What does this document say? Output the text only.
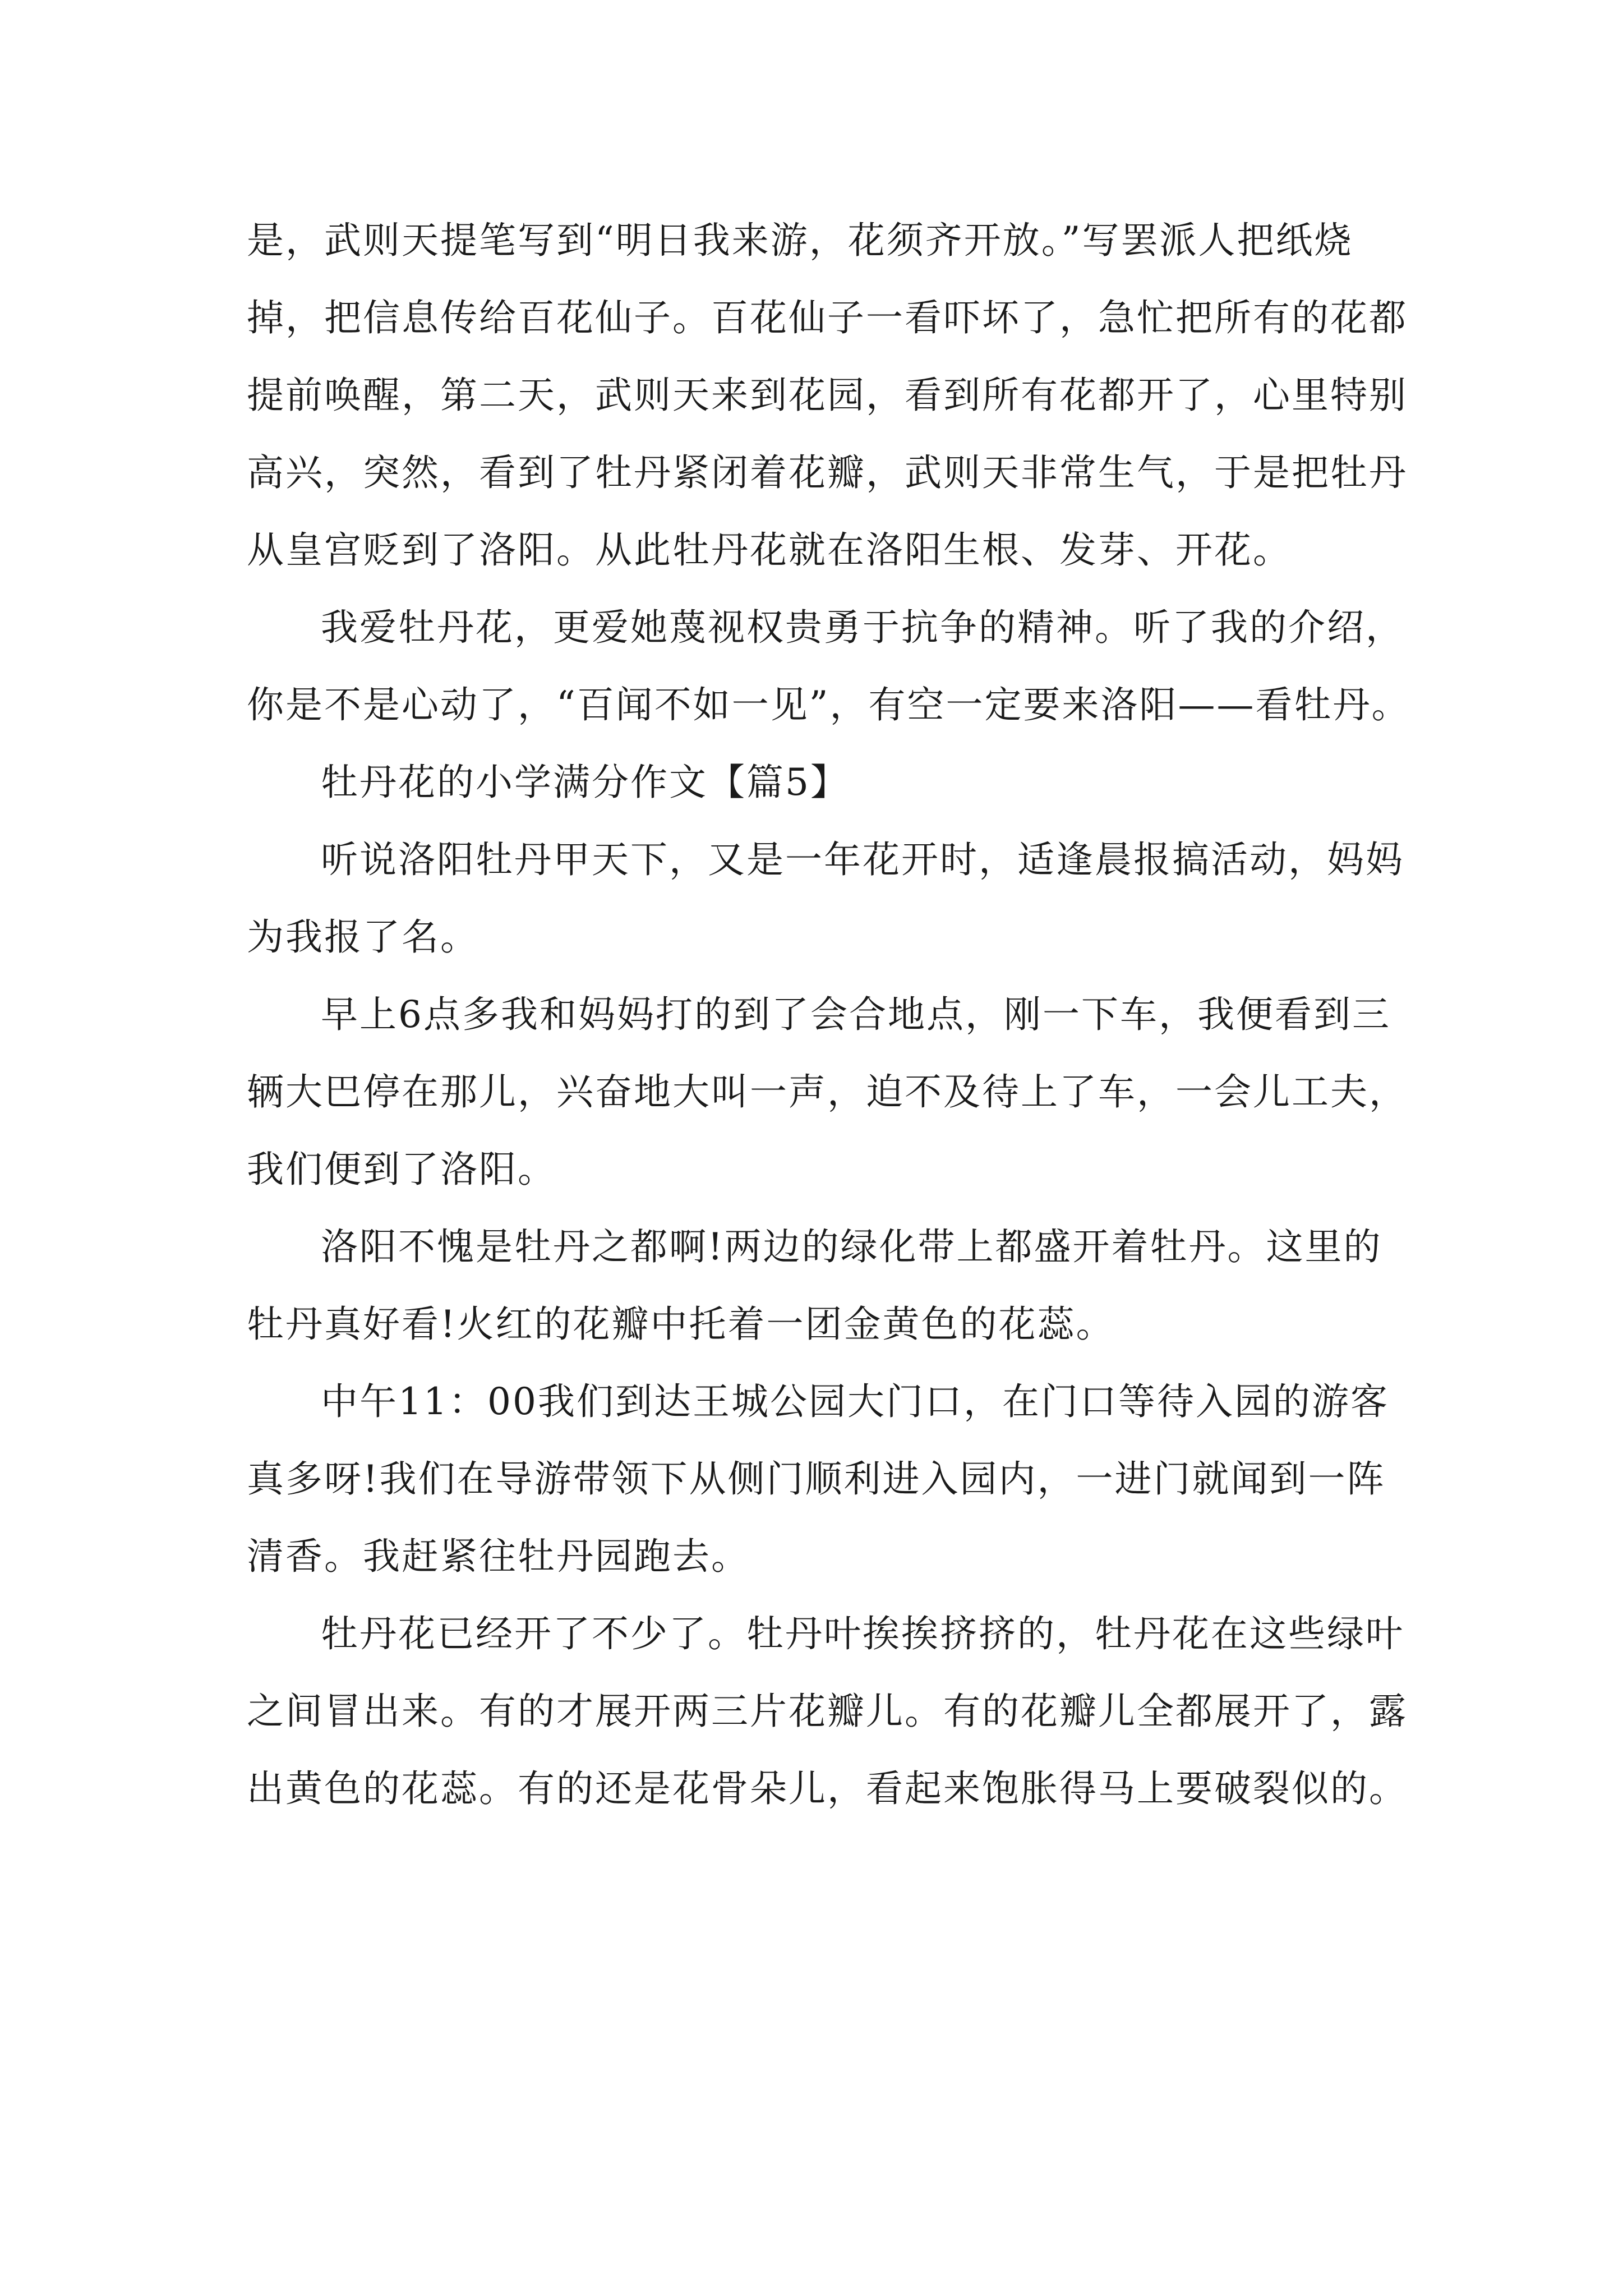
是，武则天提笔写到“明日我来游，花须齐开放。”写罢派人把纸烧掉，把信息传给百花仙子。百花仙子一看吓坏了，急忙把所有的花都提前唤醒，第二天，武则天来到花园，看到所有花都开了，心里特别高兴，突然，看到了牡丹紧闭着花瓣，武则天非常生气，于是把牡丹从皇宫贬到了洛阳。从此牡丹花就在洛阳生根、发芽、开花。

我爱牡丹花，更爱她蔑视权贵勇于抗争的精神。听了我的介绍，你是不是心动了，“百闻不如一见”，有空一定要来洛阳——看牡丹。

牡丹花的小学满分作文【篇5】

听说洛阳牡丹甲天下，又是一年花开时，适逢晨报搞活动，妈妈为我报了名。

早上6点多我和妈妈打的到了会合地点，刚一下车，我便看到三辆大巴停在那儿，兴奋地大叫一声，迫不及待上了车，一会儿工夫，我们便到了洛阳。

洛阳不愧是牡丹之都啊!两边的绿化带上都盛开着牡丹。这里的牡丹真好看!火红的花瓣中托着一团金黄色的花蕊。

中午11：00我们到达王城公园大门口，在门口等待入园的游客真多呀!我们在导游带领下从侧门顺利进入园内，一进门就闻到一阵清香。我赶紧往牡丹园跑去。

牡丹花已经开了不少了。牡丹叶挨挨挤挤的，牡丹花在这些绿叶之间冒出来。有的才展开两三片花瓣儿。有的花瓣儿全都展开了，露出黄色的花蕊。有的还是花骨朵儿，看起来饱胀得马上要破裂似的。
